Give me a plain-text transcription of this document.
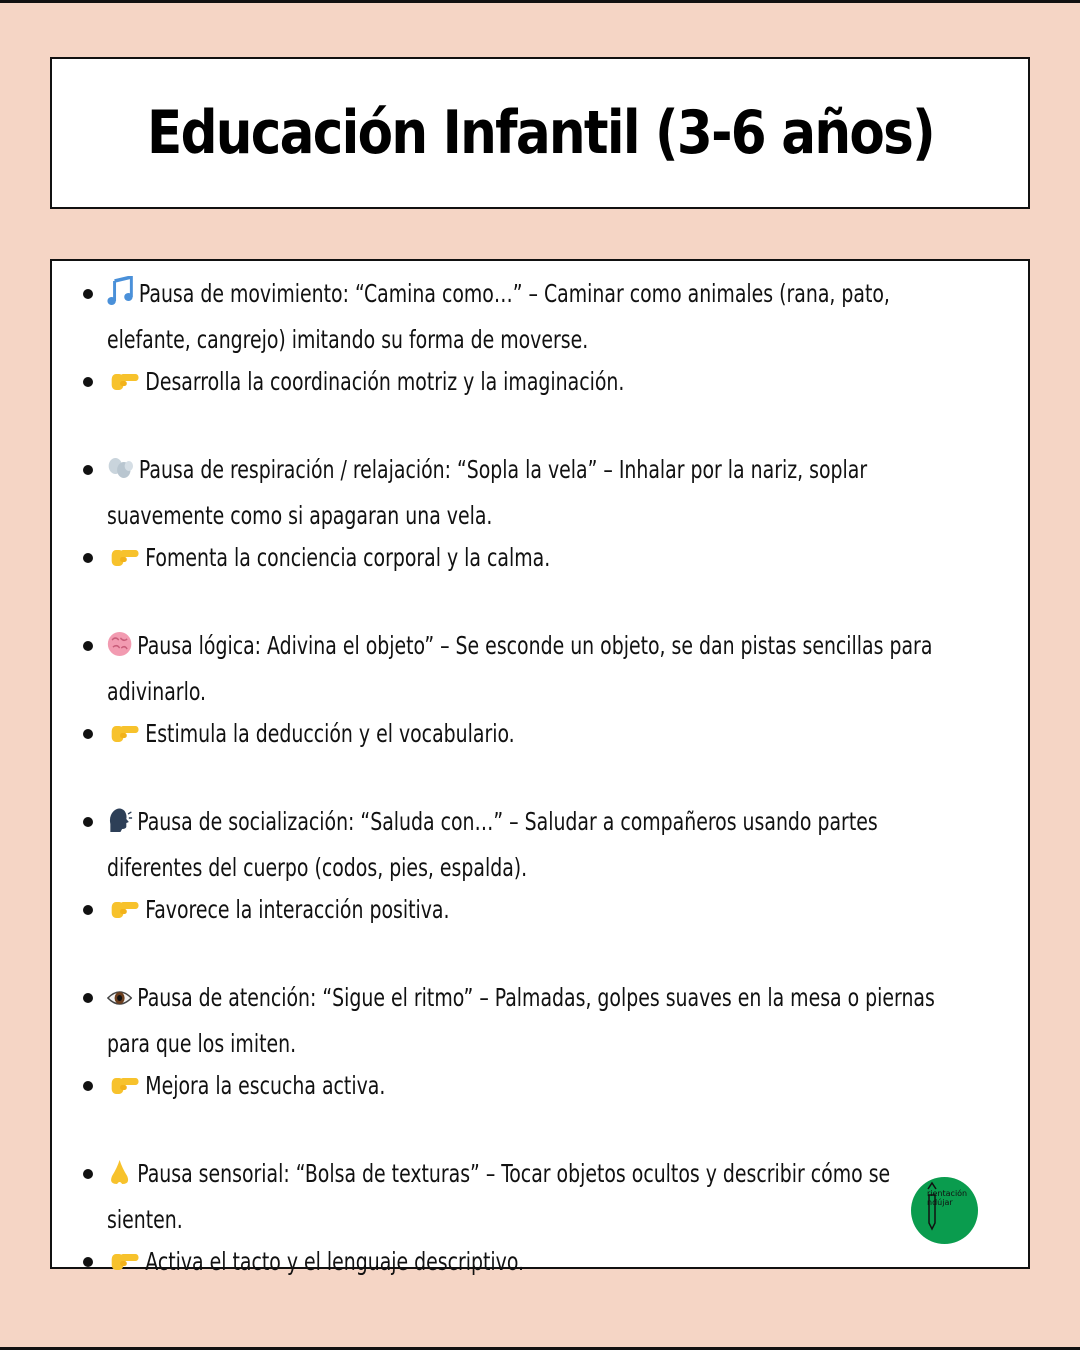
Educación Infantil (3-6 años)
Pausa de movimiento: “Camina como…” – Caminar como animales (rana, pato, elefante, cangrejo) imitando su forma de moverse.
Desarrolla la coordinación motriz y la imaginación.
Pausa de respiración / relajación: “Sopla la vela” – Inhalar por la nariz, soplar suavemente como si apagaran una vela.
Fomenta la conciencia corporal y la calma.
Pausa lógica: Adivina el objeto” – Se esconde un objeto, se dan pistas sencillas para adivinarlo.
Estimula la deducción y el vocabulario.
Pausa de socialización: “Saluda con…” – Saludar a compañeros usando partes diferentes del cuerpo (codos, pies, espalda).
Favorece la interacción positiva.
Pausa de atención: “Sigue el ritmo” – Palmadas, golpes suaves en la mesa o piernas para que los imiten.
Mejora la escucha activa.
Pausa sensorial: “Bolsa de texturas” – Tocar objetos ocultos y describir cómo se sienten.
Activa el tacto y el lenguaje descriptivo.
rientación
ndújar
